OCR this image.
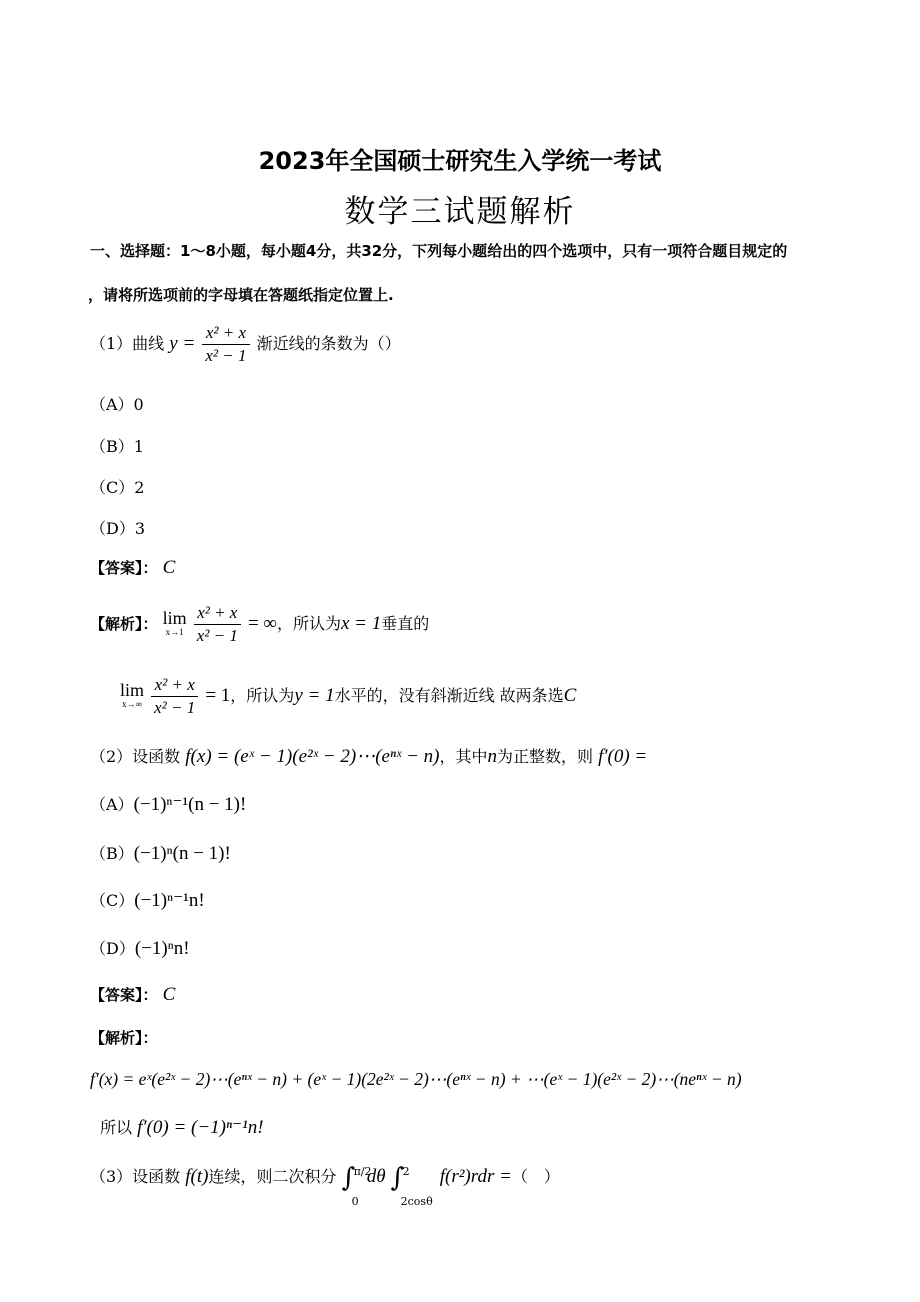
2023年全国硕士研究生入学统一考试
数学三试题解析
一、选择题：1～8小题，每小题4分，共32分，下列每小题给出的四个选项中，只有一项符合题目规定的
，请将所选项前的字母填在答题纸指定位置上.
（1）曲线 $y = \frac{\text{x² + x}}{\text{x² − 1}}$ 渐近线的条数为（）
（A）0
（B）1
（C）2
（D）3
【答案】： C
【解析】： lim
x→1
$\frac{\text{x² + x}}{\text{x² − 1}}$ = ∞，所认为x = 1垂直的
lim
x→∞
$\frac{\text{x² + x}}{\text{x² − 1}} = 1$，所认为y = 1水平的，没有斜渐近线 故两条选C
（2）设函数 f(x) = (eˣ − 1)(e²ˣ − 2)⋯(eⁿˣ − n)，其中n为正整数，则 f′(0) =
（A）(−1)ⁿ⁻¹(n − 1)!
（B）(−1)ⁿ(n − 1)!
（C）(−1)ⁿ⁻¹n!
（D）(−1)ⁿn!
【答案】： C
【解析】：
f′(x) = eˣ(e²ˣ − 2)⋯(eⁿˣ − n) + (eˣ − 1)(2e²ˣ − 2)⋯(eⁿˣ − n) + ⋯(eˣ − 1)(e²ˣ − 2)⋯(neⁿˣ − n)
所以 f′(0) = (−1)ⁿ⁻¹n!
（3）设函数 f(t)连续，则二次积分 ∫
π/2
0
dθ ∫
2
2cosθ
f(r²)rdr =（　）
